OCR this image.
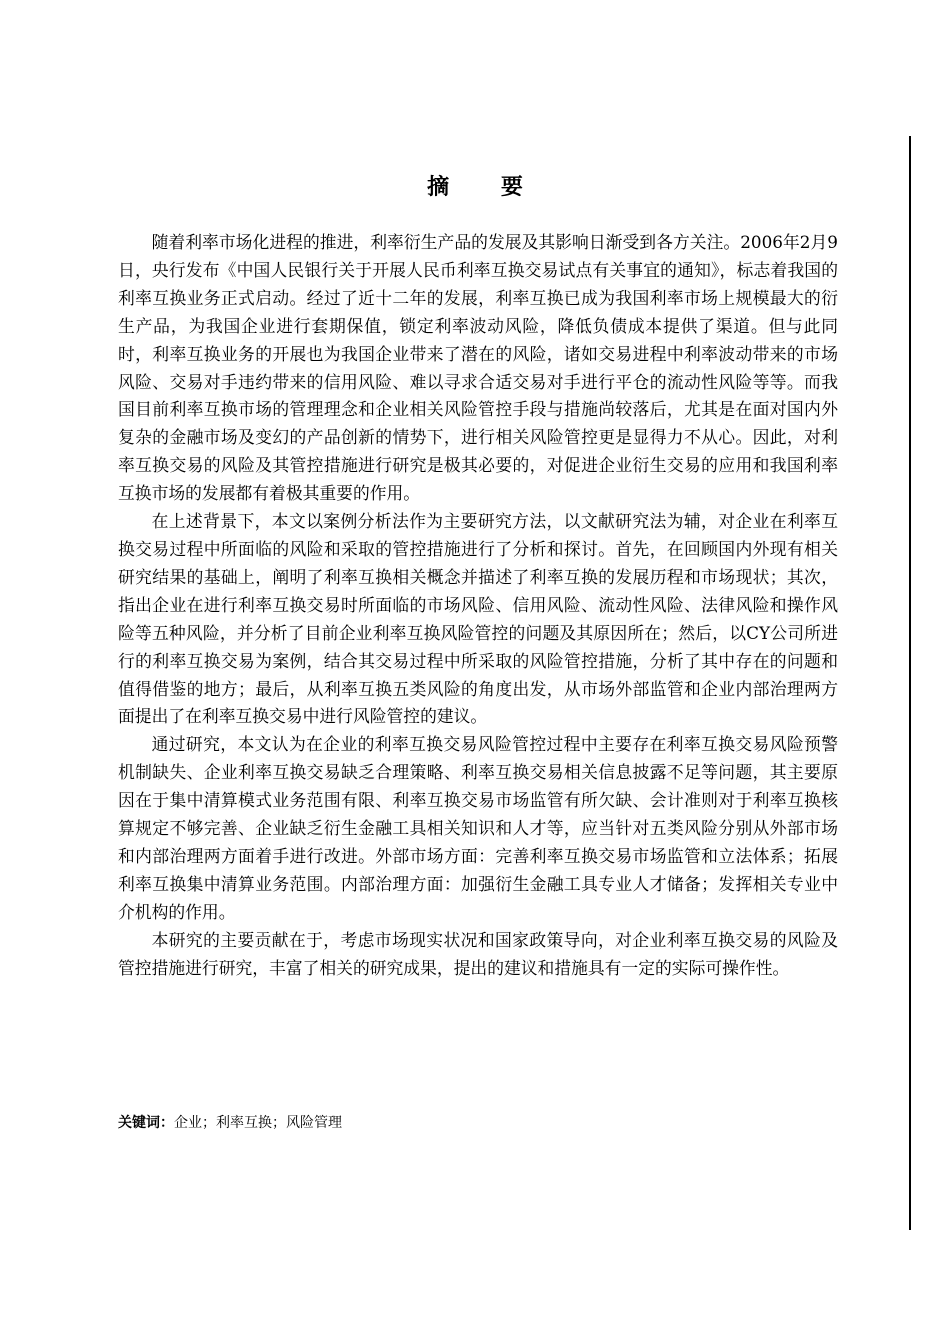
摘 要

随着利率市场化进程的推进，利率衍生产品的发展及其影响日渐受到各方关注。2006年2月9日，央行发布《中国人民银行关于开展人民币利率互换交易试点有关事宜的通知》，标志着我国的利率互换业务正式启动。经过了近十二年的发展，利率互换已成为我国利率市场上规模最大的衍生产品，为我国企业进行套期保值，锁定利率波动风险，降低负债成本提供了渠道。但与此同时，利率互换业务的开展也为我国企业带来了潜在的风险，诸如交易进程中利率波动带来的市场风险、交易对手违约带来的信用风险、难以寻求合适交易对手进行平仓的流动性风险等等。而我国目前利率互换市场的管理理念和企业相关风险管控手段与措施尚较落后，尤其是在面对国内外复杂的金融市场及变幻的产品创新的情势下，进行相关风险管控更是显得力不从心。因此，对利率互换交易的风险及其管控措施进行研究是极其必要的，对促进企业衍生交易的应用和我国利率互换市场的发展都有着极其重要的作用。

在上述背景下，本文以案例分析法作为主要研究方法，以文献研究法为辅，对企业在利率互换交易过程中所面临的风险和采取的管控措施进行了分析和探讨。首先，在回顾国内外现有相关研究结果的基础上，阐明了利率互换相关概念并描述了利率互换的发展历程和市场现状；其次，指出企业在进行利率互换交易时所面临的市场风险、信用风险、流动性风险、法律风险和操作风险等五种风险，并分析了目前企业利率互换风险管控的问题及其原因所在；然后，以CY公司所进行的利率互换交易为案例，结合其交易过程中所采取的风险管控措施，分析了其中存在的问题和值得借鉴的地方；最后，从利率互换五类风险的角度出发，从市场外部监管和企业内部治理两方面提出了在利率互换交易中进行风险管控的建议。

通过研究，本文认为在企业的利率互换交易风险管控过程中主要存在利率互换交易风险预警机制缺失、企业利率互换交易缺乏合理策略、利率互换交易相关信息披露不足等问题，其主要原因在于集中清算模式业务范围有限、利率互换交易市场监管有所欠缺、会计准则对于利率互换核算规定不够完善、企业缺乏衍生金融工具相关知识和人才等，应当针对五类风险分别从外部市场和内部治理两方面着手进行改进。外部市场方面：完善利率互换交易市场监管和立法体系；拓展利率互换集中清算业务范围。内部治理方面：加强衍生金融工具专业人才储备；发挥相关专业中介机构的作用。

本研究的主要贡献在于，考虑市场现实状况和国家政策导向，对企业利率互换交易的风险及管控措施进行研究，丰富了相关的研究成果，提出的建议和措施具有一定的实际可操作性。

关键词：企业；利率互换；风险管理
